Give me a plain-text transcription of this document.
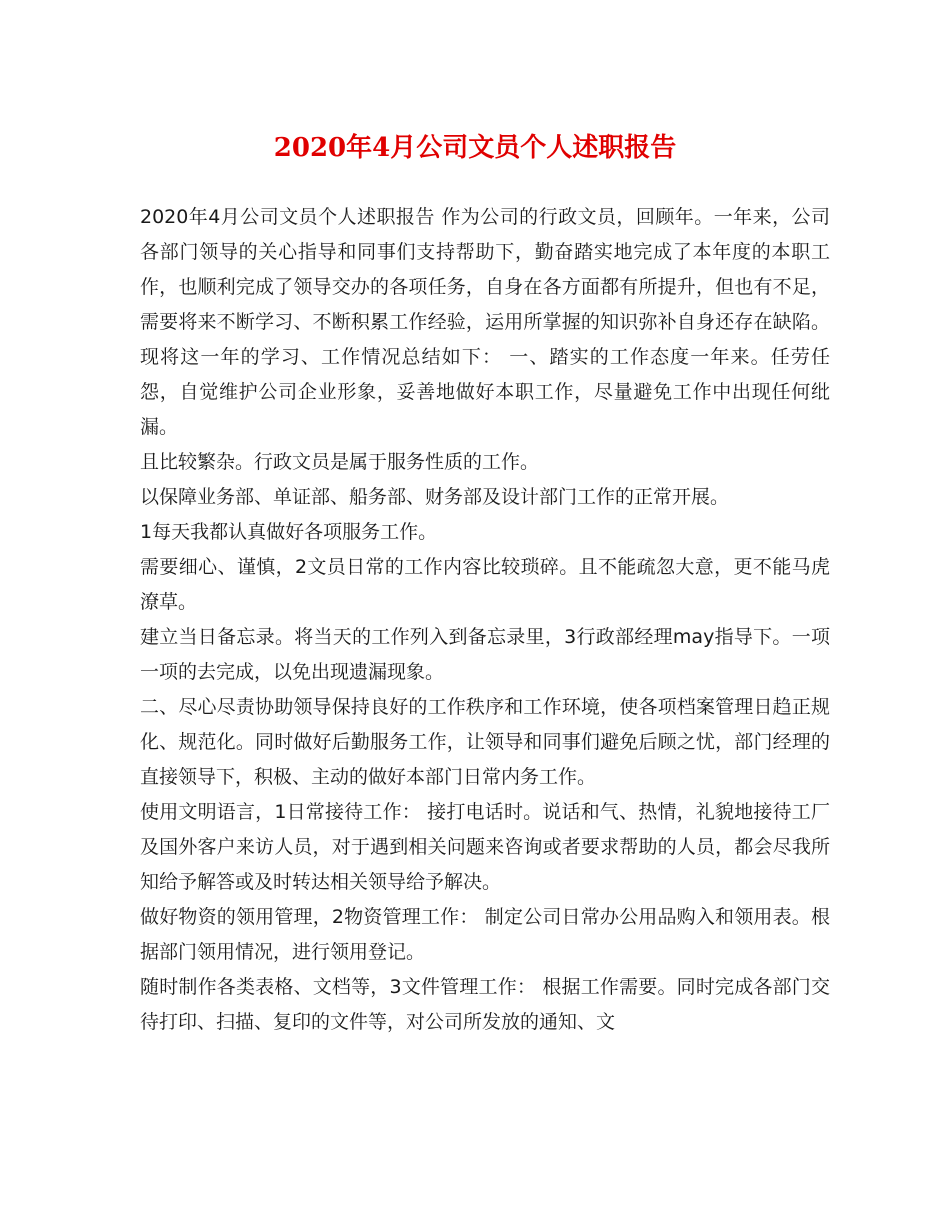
2020年4月公司文员个人述职报告

2020年4月公司文员个人述职报告 作为公司的行政文员，回顾年。一年来，公司各部门领导的关心指导和同事们支持帮助下，勤奋踏实地完成了本年度的本职工作，也顺利完成了领导交办的各项任务，自身在各方面都有所提升，但也有不足，需要将来不断学习、不断积累工作经验，运用所掌握的知识弥补自身还存在缺陷。现将这一年的学习、工作情况总结如下： 一、踏实的工作态度一年来。任劳任怨，自觉维护公司企业形象，妥善地做好本职工作，尽量避免工作中出现任何纰漏。

且比较繁杂。行政文员是属于服务性质的工作。

以保障业务部、单证部、船务部、财务部及设计部门工作的正常开展。

1每天我都认真做好各项服务工作。

需要细心、谨慎，2文员日常的工作内容比较琐碎。且不能疏忽大意，更不能马虎潦草。

建立当日备忘录。将当天的工作列入到备忘录里，3行政部经理may指导下。一项一项的去完成，以免出现遗漏现象。

二、尽心尽责协助领导保持良好的工作秩序和工作环境，使各项档案管理日趋正规化、规范化。同时做好后勤服务工作，让领导和同事们避免后顾之忧，部门经理的直接领导下，积极、主动的做好本部门日常内务工作。

使用文明语言，1日常接待工作： 接打电话时。说话和气、热情，礼貌地接待工厂及国外客户来访人员，对于遇到相关问题来咨询或者要求帮助的人员，都会尽我所知给予解答或及时转达相关领导给予解决。

做好物资的领用管理，2物资管理工作： 制定公司日常办公用品购入和领用表。根据部门领用情况，进行领用登记。

随时制作各类表格、文档等，3文件管理工作： 根据工作需要。同时完成各部门交待打印、扫描、复印的文件等，对公司所发放的通知、文
